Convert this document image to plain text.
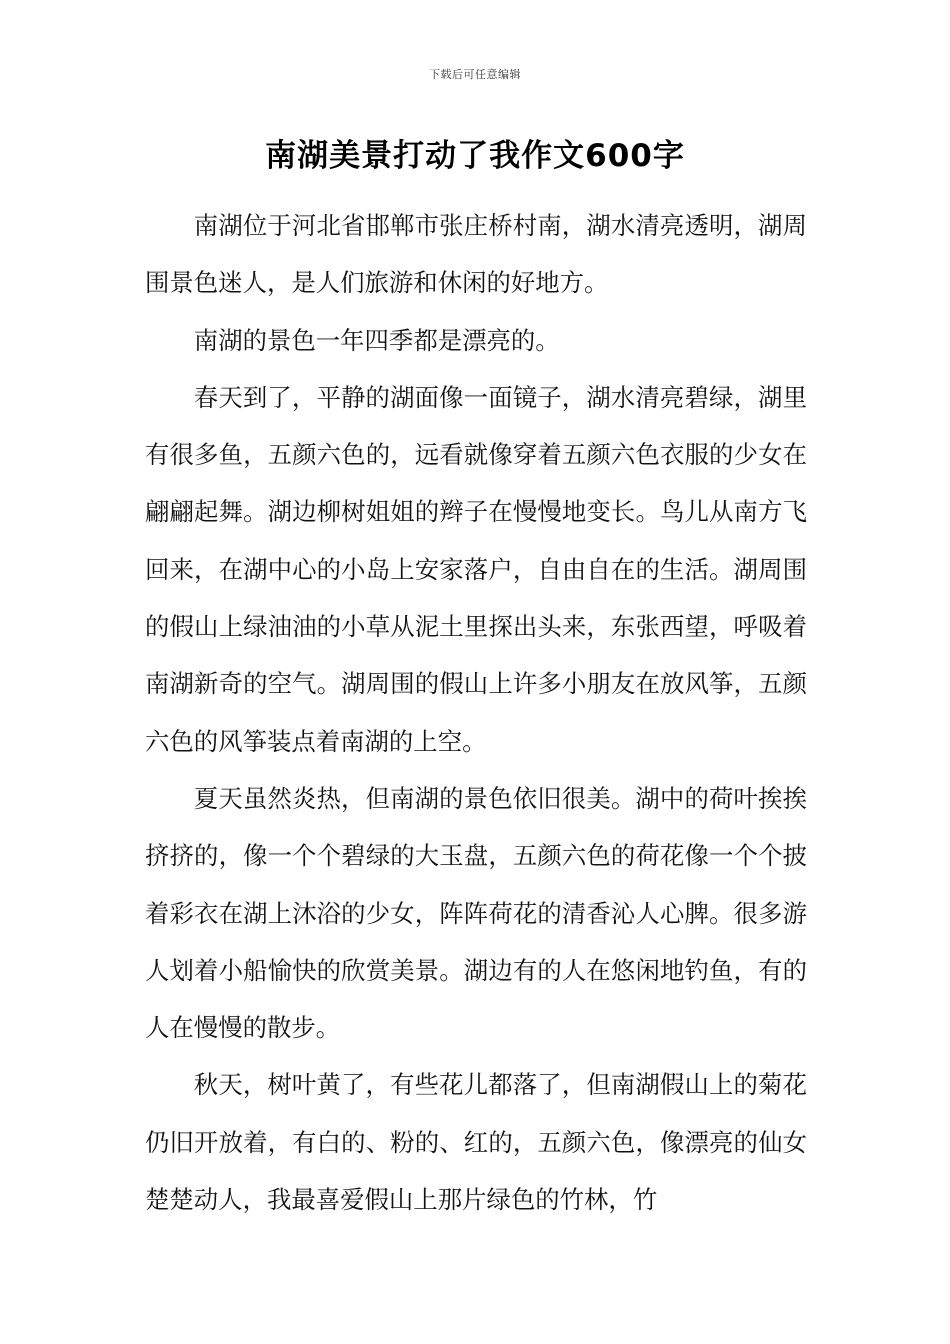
下载后可任意编辑
南湖美景打动了我作文600字

南湖位于河北省邯郸市张庄桥村南，湖水清亮透明，湖周围景色迷人，是人们旅游和休闲的好地方。

南湖的景色一年四季都是漂亮的。

春天到了，平静的湖面像一面镜子，湖水清亮碧绿，湖里有很多鱼，五颜六色的，远看就像穿着五颜六色衣服的少女在翩翩起舞。湖边柳树姐姐的辫子在慢慢地变长。鸟儿从南方飞回来，在湖中心的小岛上安家落户，自由自在的生活。湖周围的假山上绿油油的小草从泥土里探出头来，东张西望，呼吸着南湖新奇的空气。湖周围的假山上许多小朋友在放风筝，五颜六色的风筝装点着南湖的上空。

夏天虽然炎热，但南湖的景色依旧很美。湖中的荷叶挨挨挤挤的，像一个个碧绿的大玉盘，五颜六色的荷花像一个个披着彩衣在湖上沐浴的少女，阵阵荷花的清香沁人心脾。很多游人划着小船愉快的欣赏美景。湖边有的人在悠闲地钓鱼，有的人在慢慢的散步。

秋天，树叶黄了，有些花儿都落了，但南湖假山上的菊花仍旧开放着，有白的、粉的、红的，五颜六色，像漂亮的仙女楚楚动人，我最喜爱假山上那片绿色的竹林，竹
